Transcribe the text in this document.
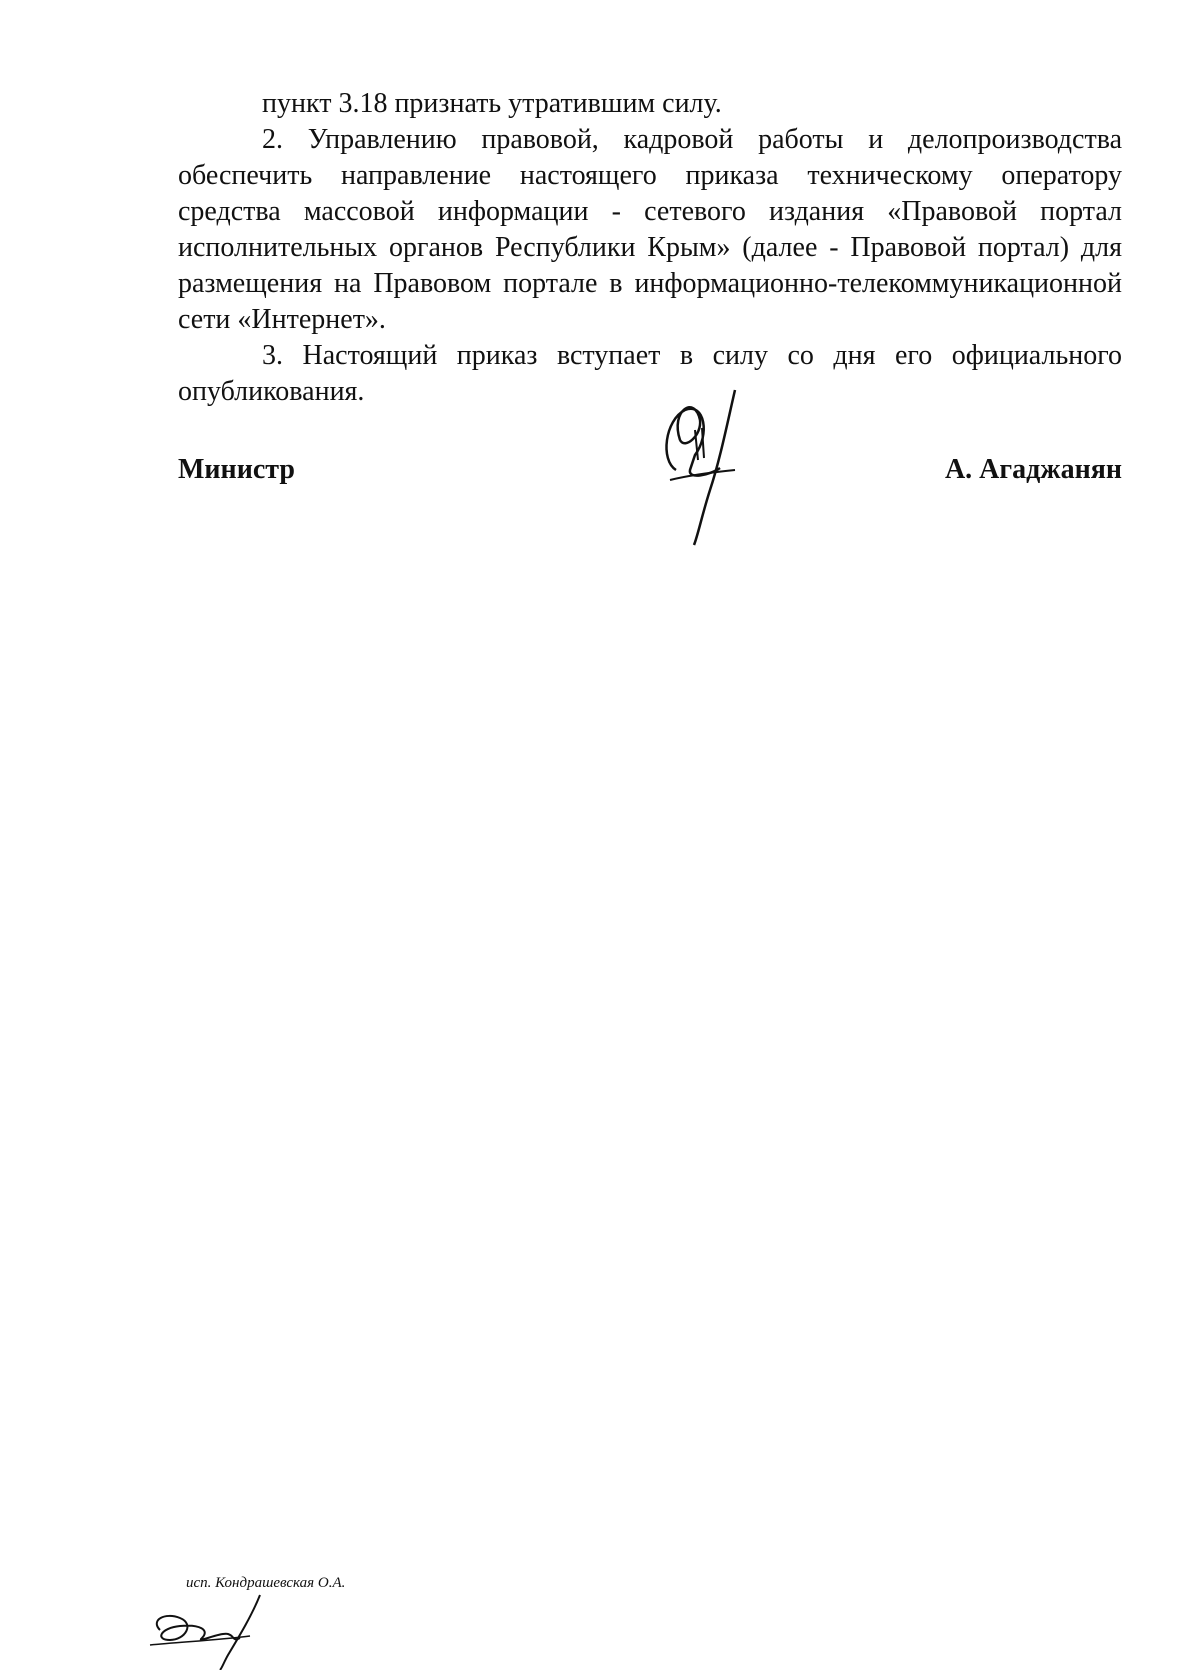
пункт 3.18 признать утратившим силу.

2. Управлению правовой, кадровой работы и делопроизводства обеспечить направление настоящего приказа техническому оператору средства массовой информации - сетевого издания «Правовой портал исполнительных органов Республики Крым» (далее - Правовой портал) для размещения на Правовом портале в информационно-телекоммуникационной сети «Интернет».

3. Настоящий приказ вступает в силу со дня его официального опубликования.

Министр	А. Агаджанян
исп. Кондрашевская О.А.
